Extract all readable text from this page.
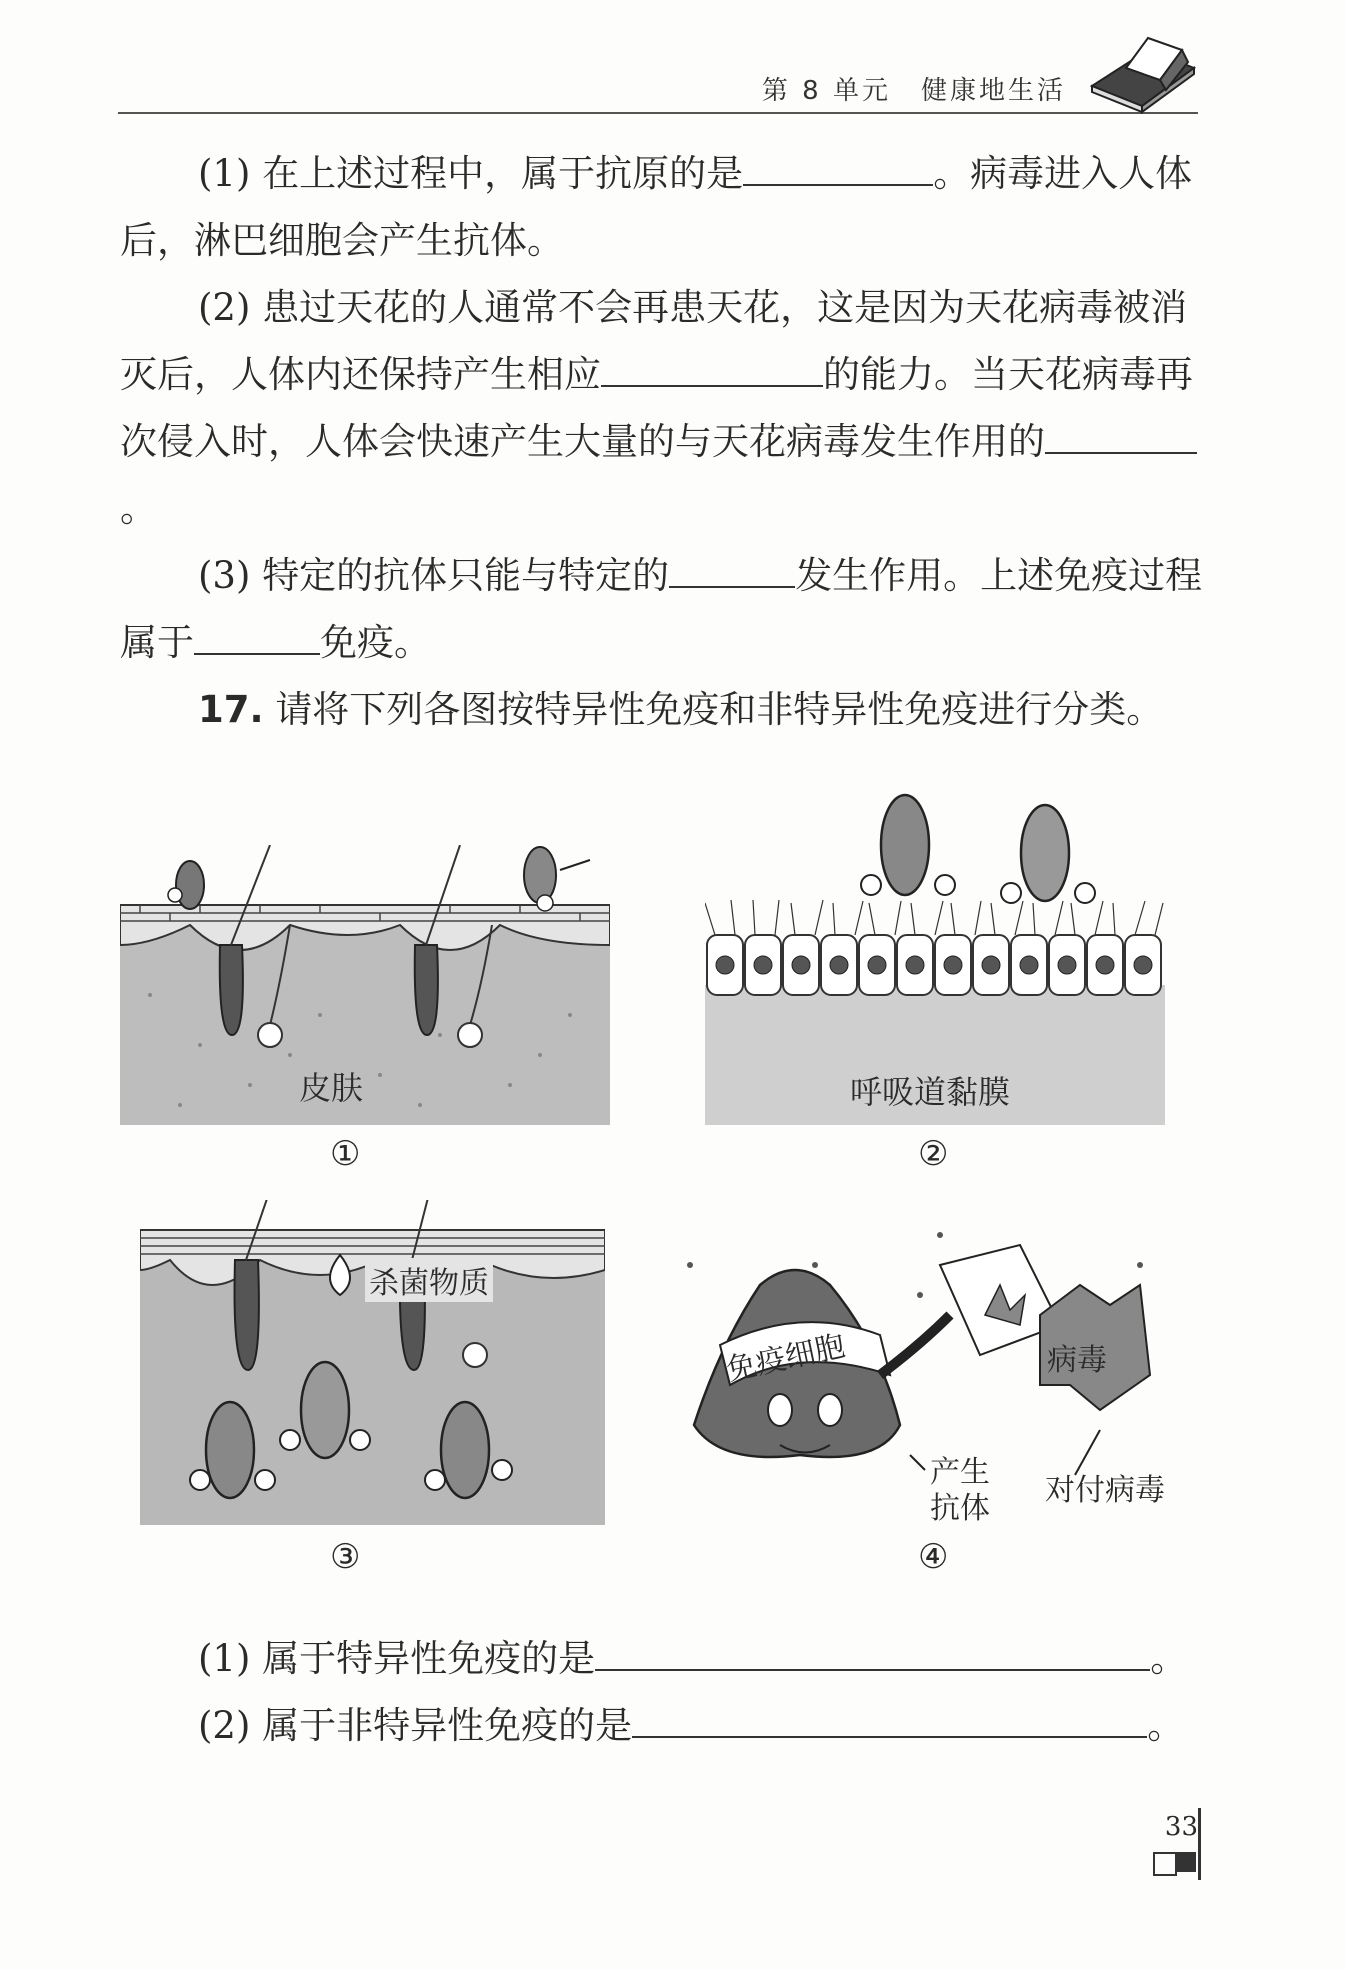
第 8 单元 健康地生活

(1) 在上述过程中，属于抗原的是	。病毒进入人体后，淋巴细胞会产生抗体。

(2) 患过天花的人通常不会再患天花，这是因为天花病毒被消灭后，人体内还保持产生相应	的能力。当天花病毒再次侵入时，人体会快速产生大量的与天花病毒发生作用的。

(3) 特定的抗体只能与特定的	发生作用。上述免疫过程属于	免疫。

17. 请将下列各图按特异性免疫和非特异性免疫进行分类。

皮肤
①
呼吸道黏膜
②
杀菌物质
③
免疫细胞	病毒
产生
抗体
对付病毒
④

(1) 属于特异性免疫的是	。

(2) 属于非特异性免疫的是	。

33
